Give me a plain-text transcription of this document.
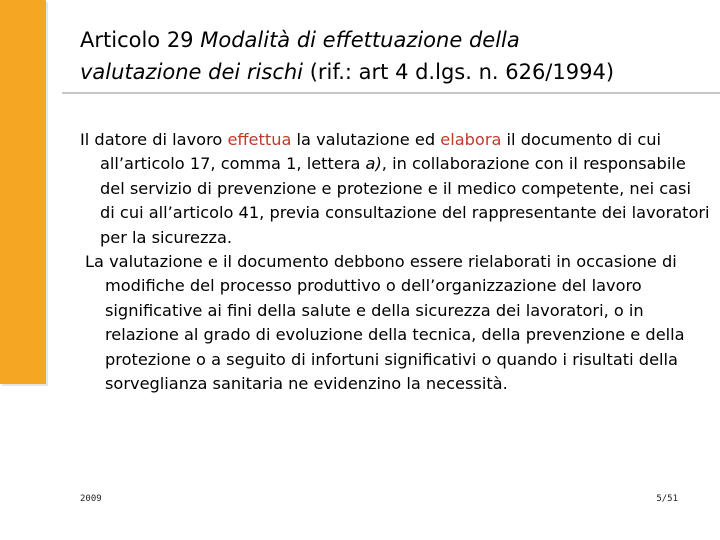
Articolo 29 Modalità di effettuazione della
valutazione dei rischi (rif.: art 4 d.lgs. n. 626/1994)

Il datore di lavoro effettua la valutazione ed elabora il documento di cui all’articolo 17, comma 1, lettera a), in collaborazione con il responsabile del servizio di prevenzione e protezione e il medico competente, nei casi di cui all’articolo 41, previa consultazione del rappresentante dei lavoratori per la sicurezza.

La valutazione e il documento debbono essere rielaborati in occasione di modifiche del processo produttivo o dell’organizzazione del lavoro significative ai fini della salute e della sicurezza dei lavoratori, o in relazione al grado di evoluzione della tecnica, della prevenzione e della protezione o a seguito di infortuni significativi o quando i risultati della sorveglianza sanitaria ne evidenzino la necessità.

2009	5/51
